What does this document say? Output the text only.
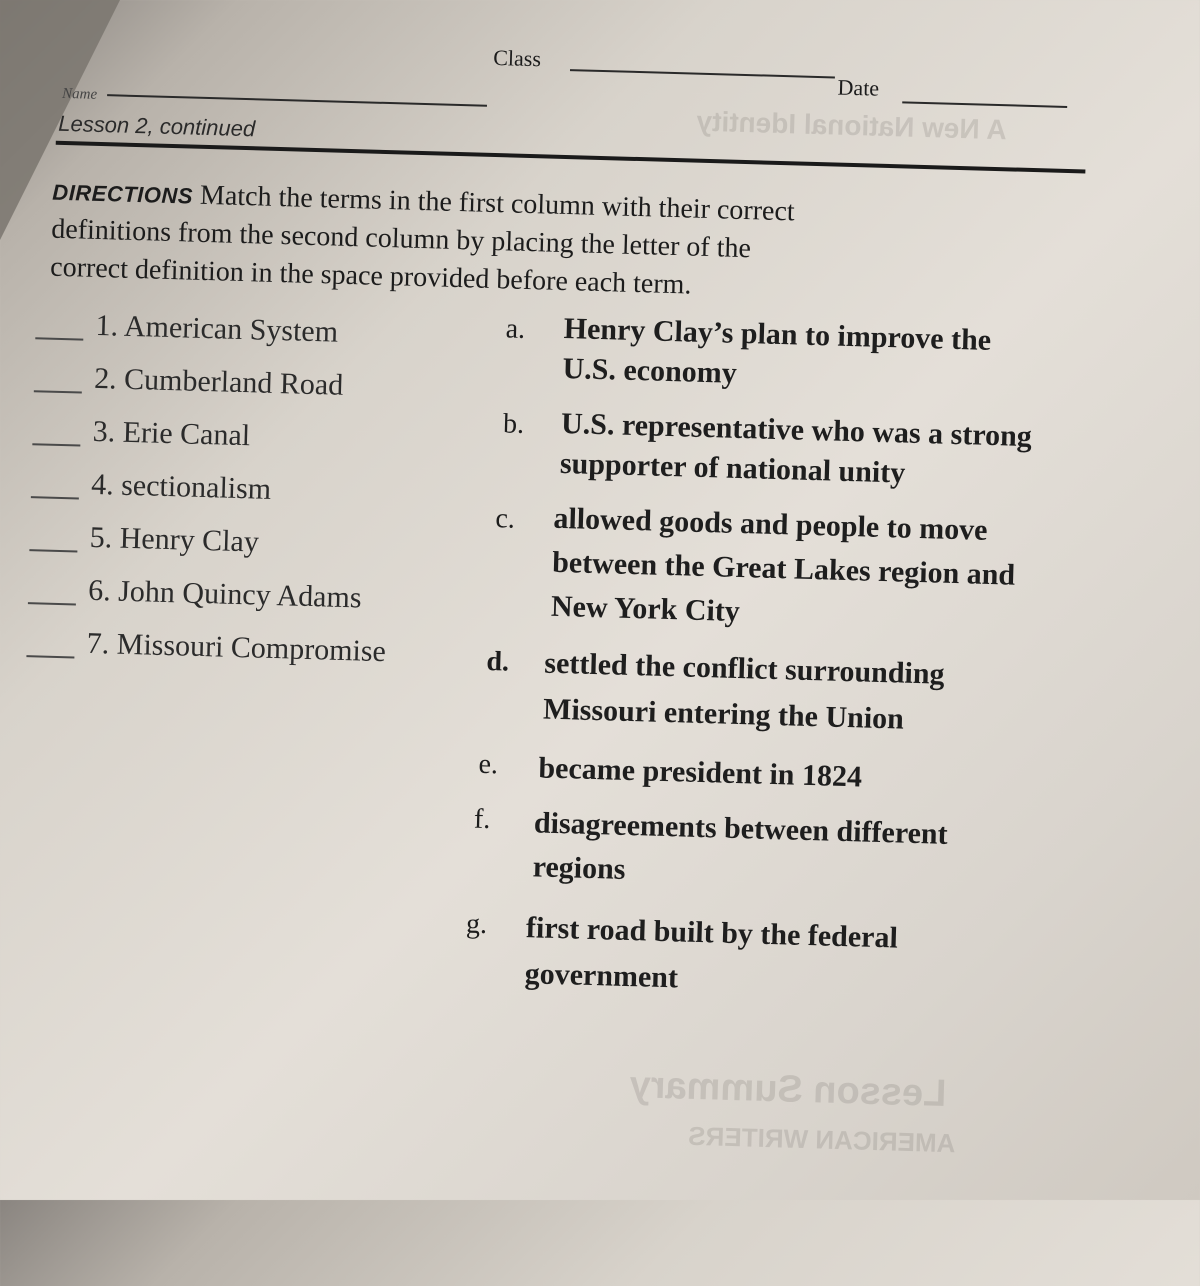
A New National Identity
Lesson Summary
AMERICAN WRITERS
Name
Class
Date
Lesson 2, continued
DIRECTIONS Match the terms in the first column with their correct
definitions from the second column by placing the letter of the
correct definition in the space provided before each term.
1. American System
2. Cumberland Road
3. Erie Canal
4. sectionalism
5. Henry Clay
6. John Quincy Adams
7. Missouri Compromise
a. Henry Clay’s plan to improve the
U.S. economy
b. U.S. representative who was a strong
supporter of national unity
c. allowed goods and people to move
between the Great Lakes region and
New York City
d. settled the conflict surrounding
Missouri entering the Union
e. became president in 1824
f. disagreements between different
regions
g. first road built by the federal
government
